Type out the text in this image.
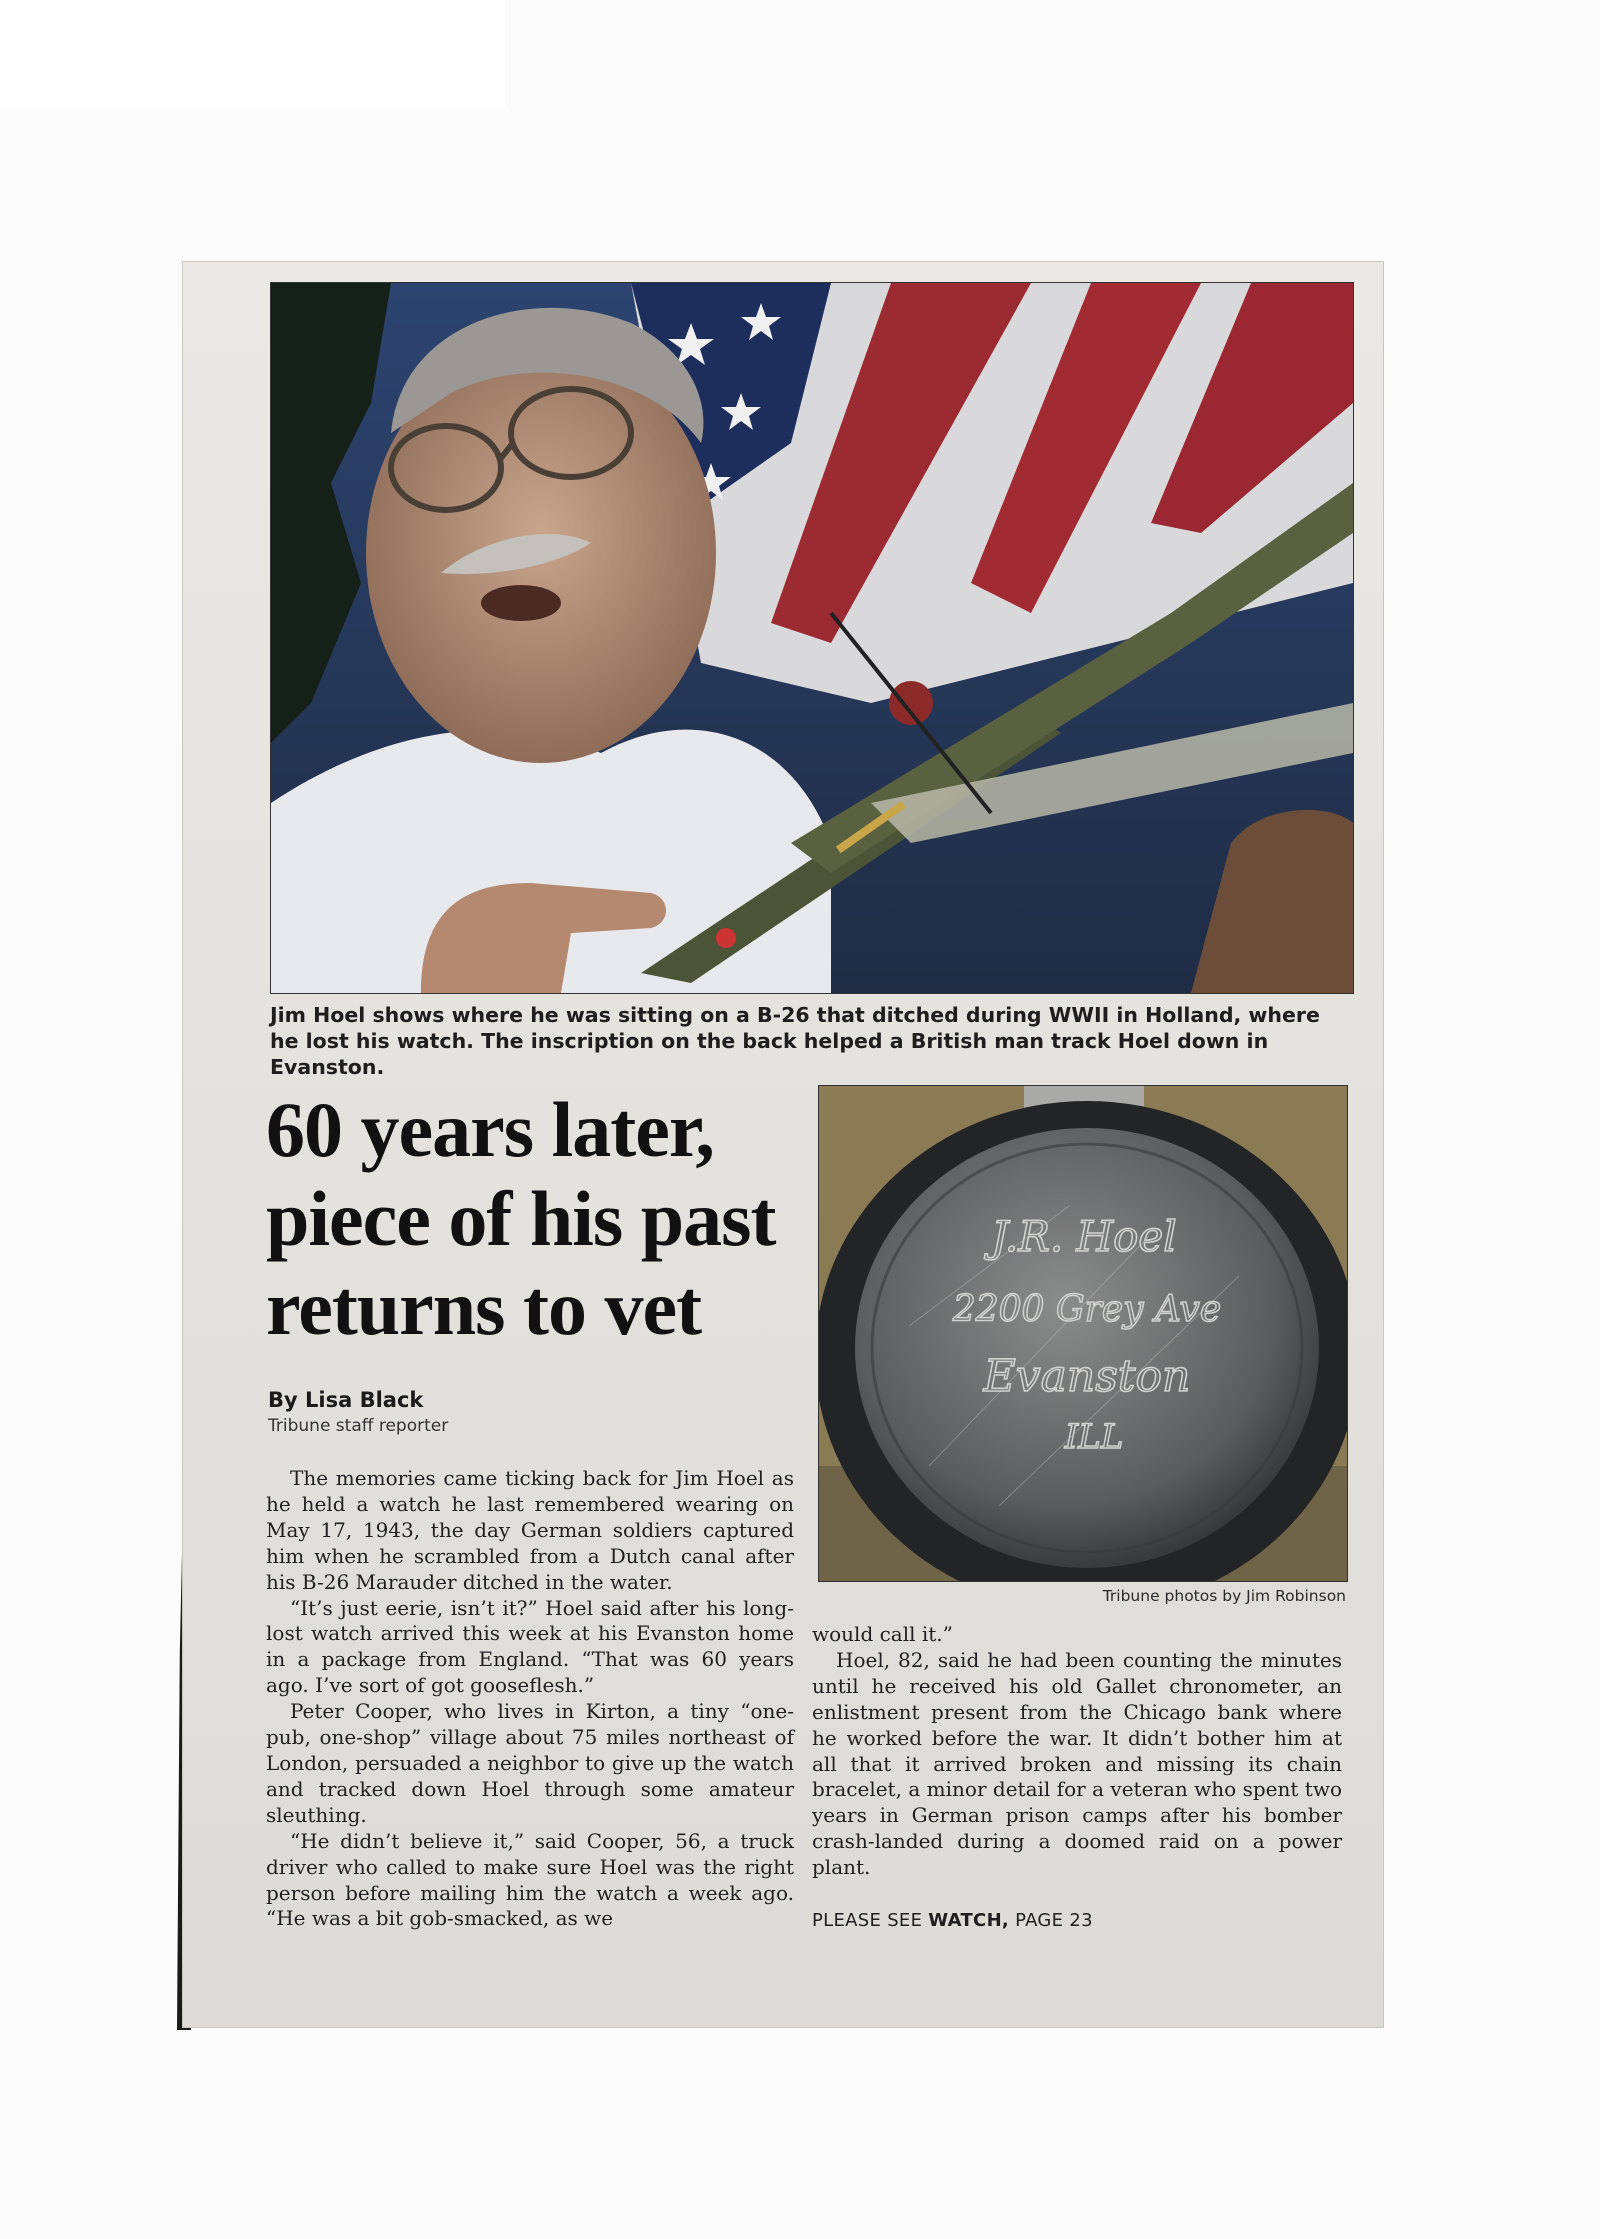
Jim Hoel shows where he was sitting on a B-26 that ditched during WWII in Holland, where he lost his watch. The inscription on the back helped a British man track Hoel down in Evanston.
60 years later,
piece of his past
returns to vet
By Lisa Black
Tribune staff reporter
J.R. Hoel
2200 Grey Ave
Evanston
ILL
Tribune photos by Jim Robinson

The memories came ticking back for Jim Hoel as he held a watch he last remembered wearing on May 17, 1943, the day German soldiers captured him when he scrambled from a Dutch canal after his B-26 Marauder ditched in the water.

“It’s just eerie, isn’t it?” Hoel said after his long-lost watch arrived this week at his Evanston home in a package from England. “That was 60 years ago. I’ve sort of got gooseflesh.”

Peter Cooper, who lives in Kirton, a tiny “one-pub, one-shop” village about 75 miles northeast of London, persuaded a neighbor to give up the watch and tracked down Hoel through some amateur sleuthing.

“He didn’t believe it,” said Cooper, 56, a truck driver who called to make sure Hoel was the right person before mailing him the watch a week ago. “He was a bit gob-smacked, as we

would call it.”

Hoel, 82, said he had been counting the minutes until he received his old Gallet chronometer, an enlistment present from the Chicago bank where he worked before the war. It didn’t bother him at all that it arrived broken and missing its chain bracelet, a minor detail for a veteran who spent two years in German prison camps after his bomber crash-landed during a doomed raid on a power plant.

PLEASE SEE WATCH, PAGE 23
